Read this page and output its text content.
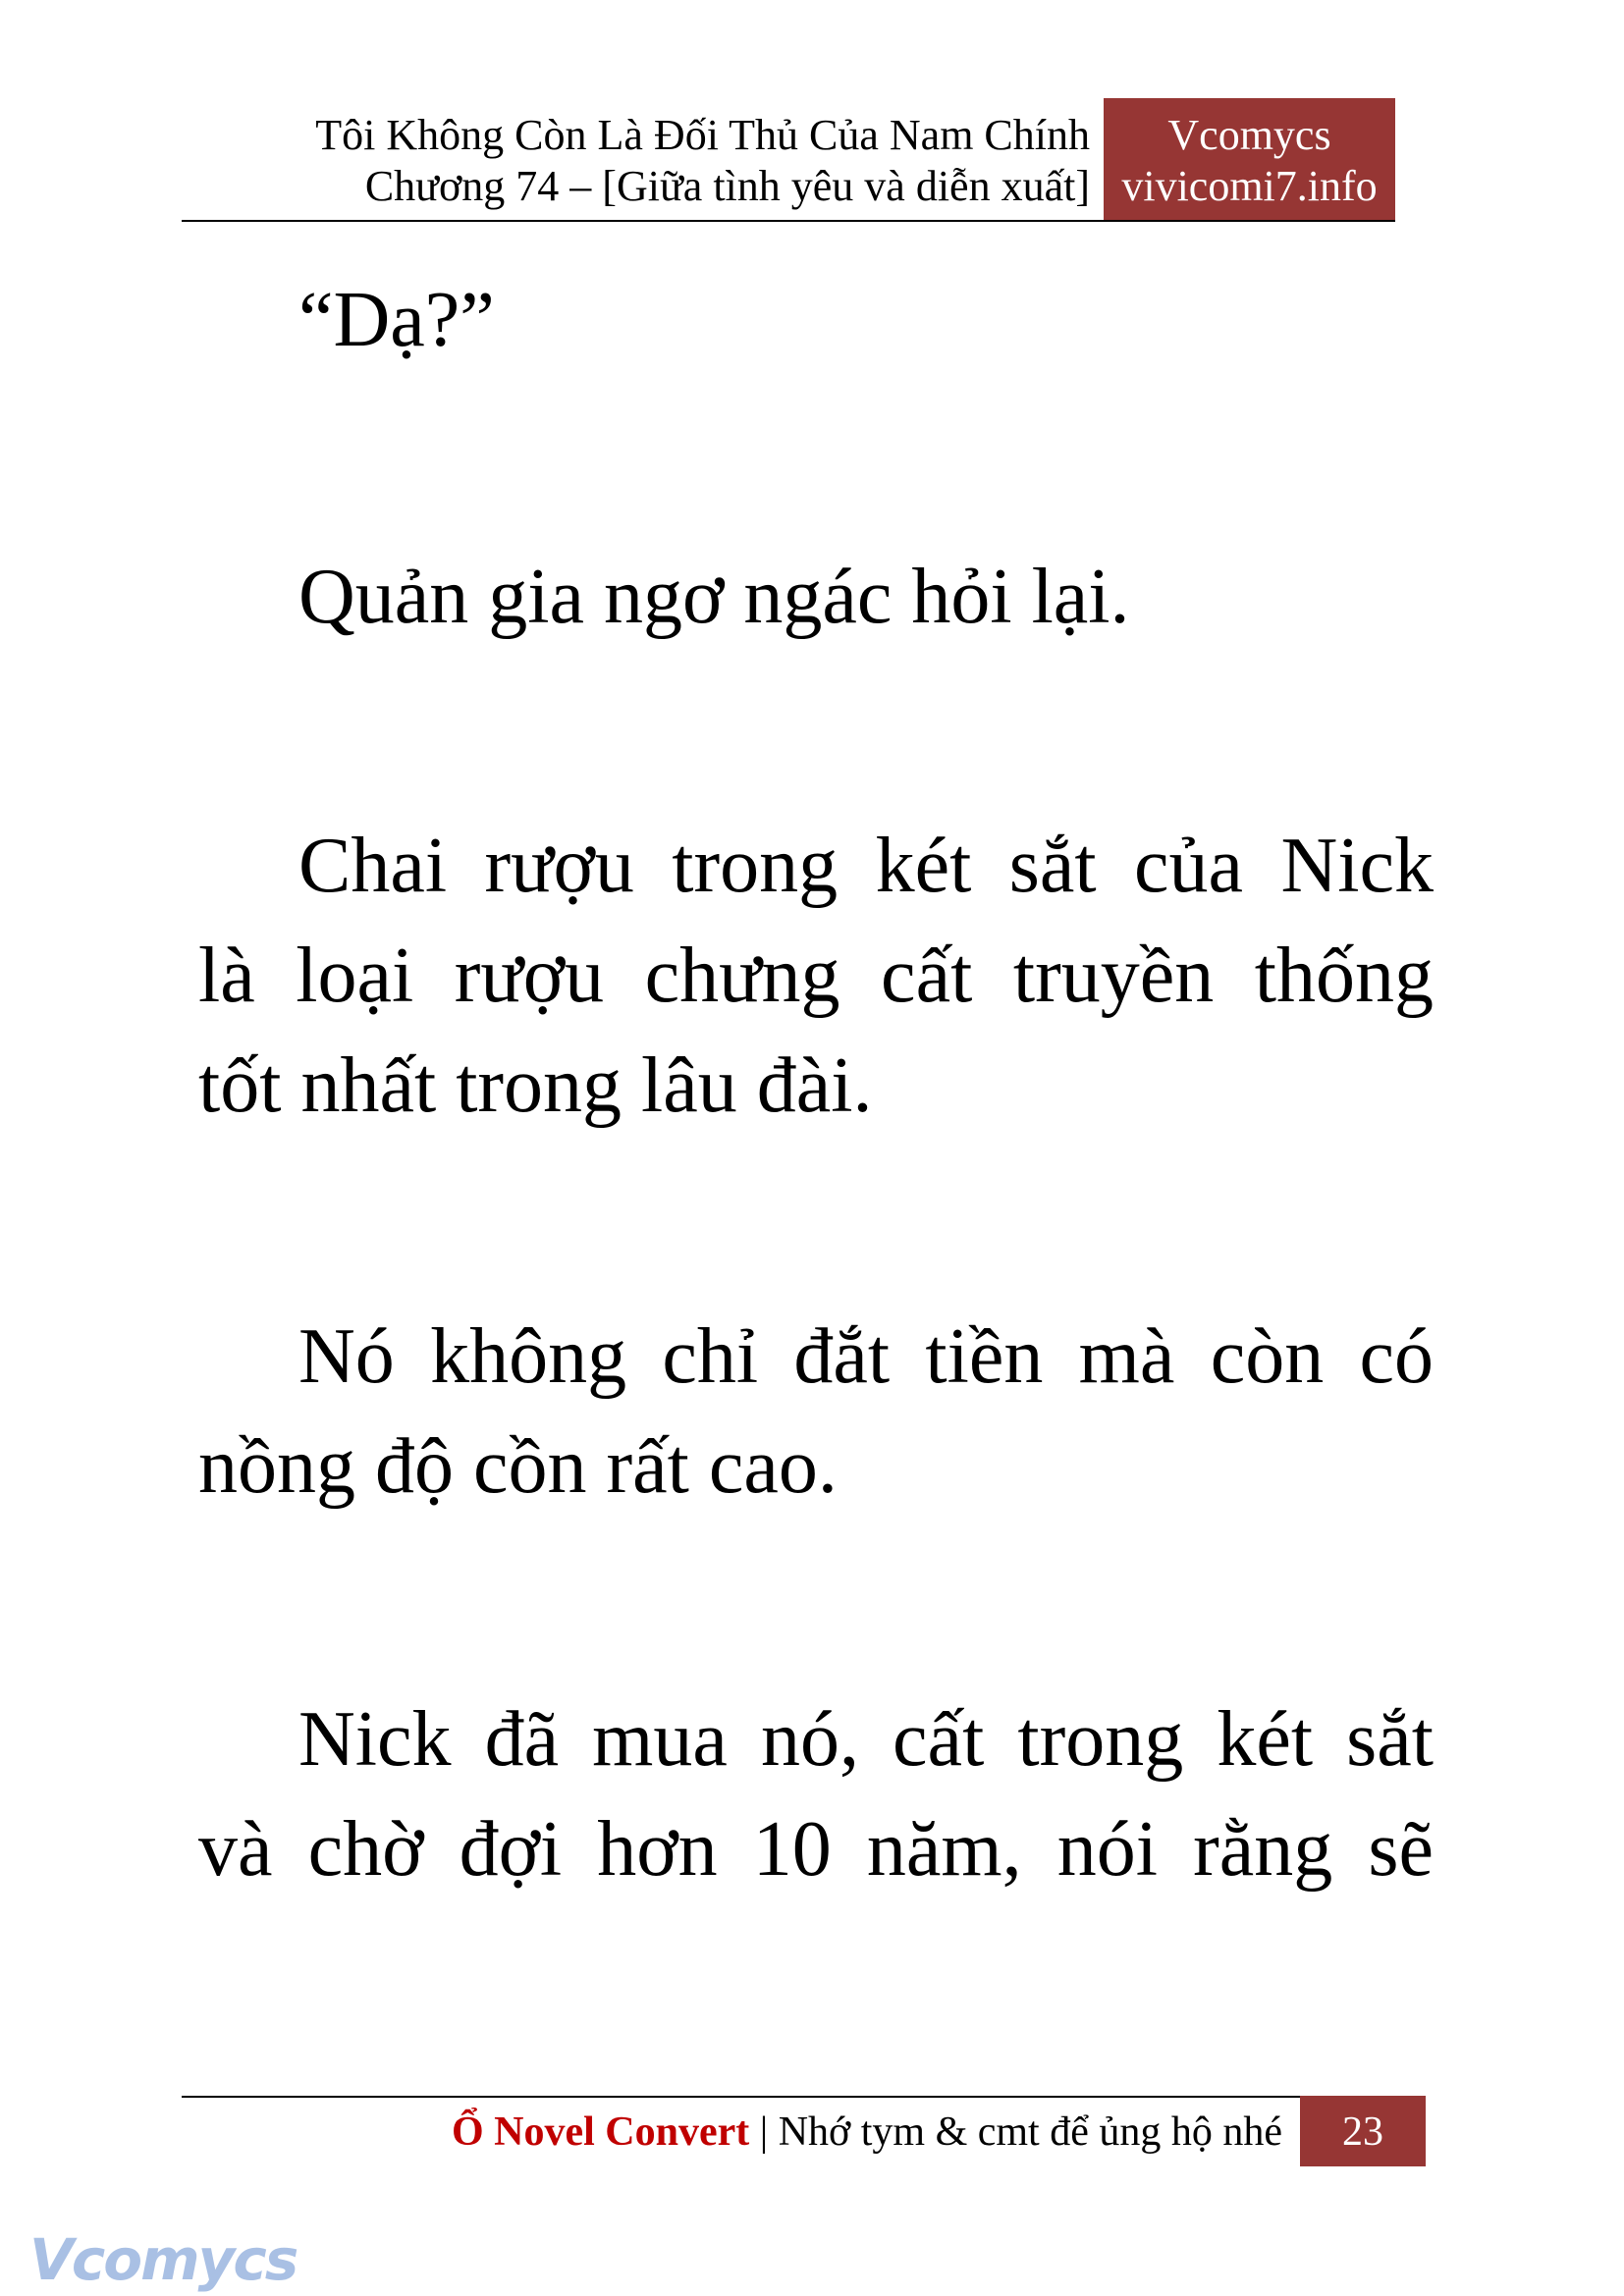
Tôi Không Còn Là Đối Thủ Của Nam Chính
Chương 74 – [Giữa tình yêu và diễn xuất]
Vcomycs
vivicomi7.info
“Dạ?”
Quản gia ngơ ngác hỏi lại.
Chai rượu trong két sắt của Nick
là loại rượu chưng cất truyền thống
tốt nhất trong lâu đài.
Nó không chỉ đắt tiền mà còn có
nồng độ cồn rất cao.
Nick đã mua nó, cất trong két sắt
và chờ đợi hơn 10 năm, nói rằng sẽ
Ổ Novel Convert | Nhớ tym & cmt để ủng hộ nhé	23
Vcomycs
